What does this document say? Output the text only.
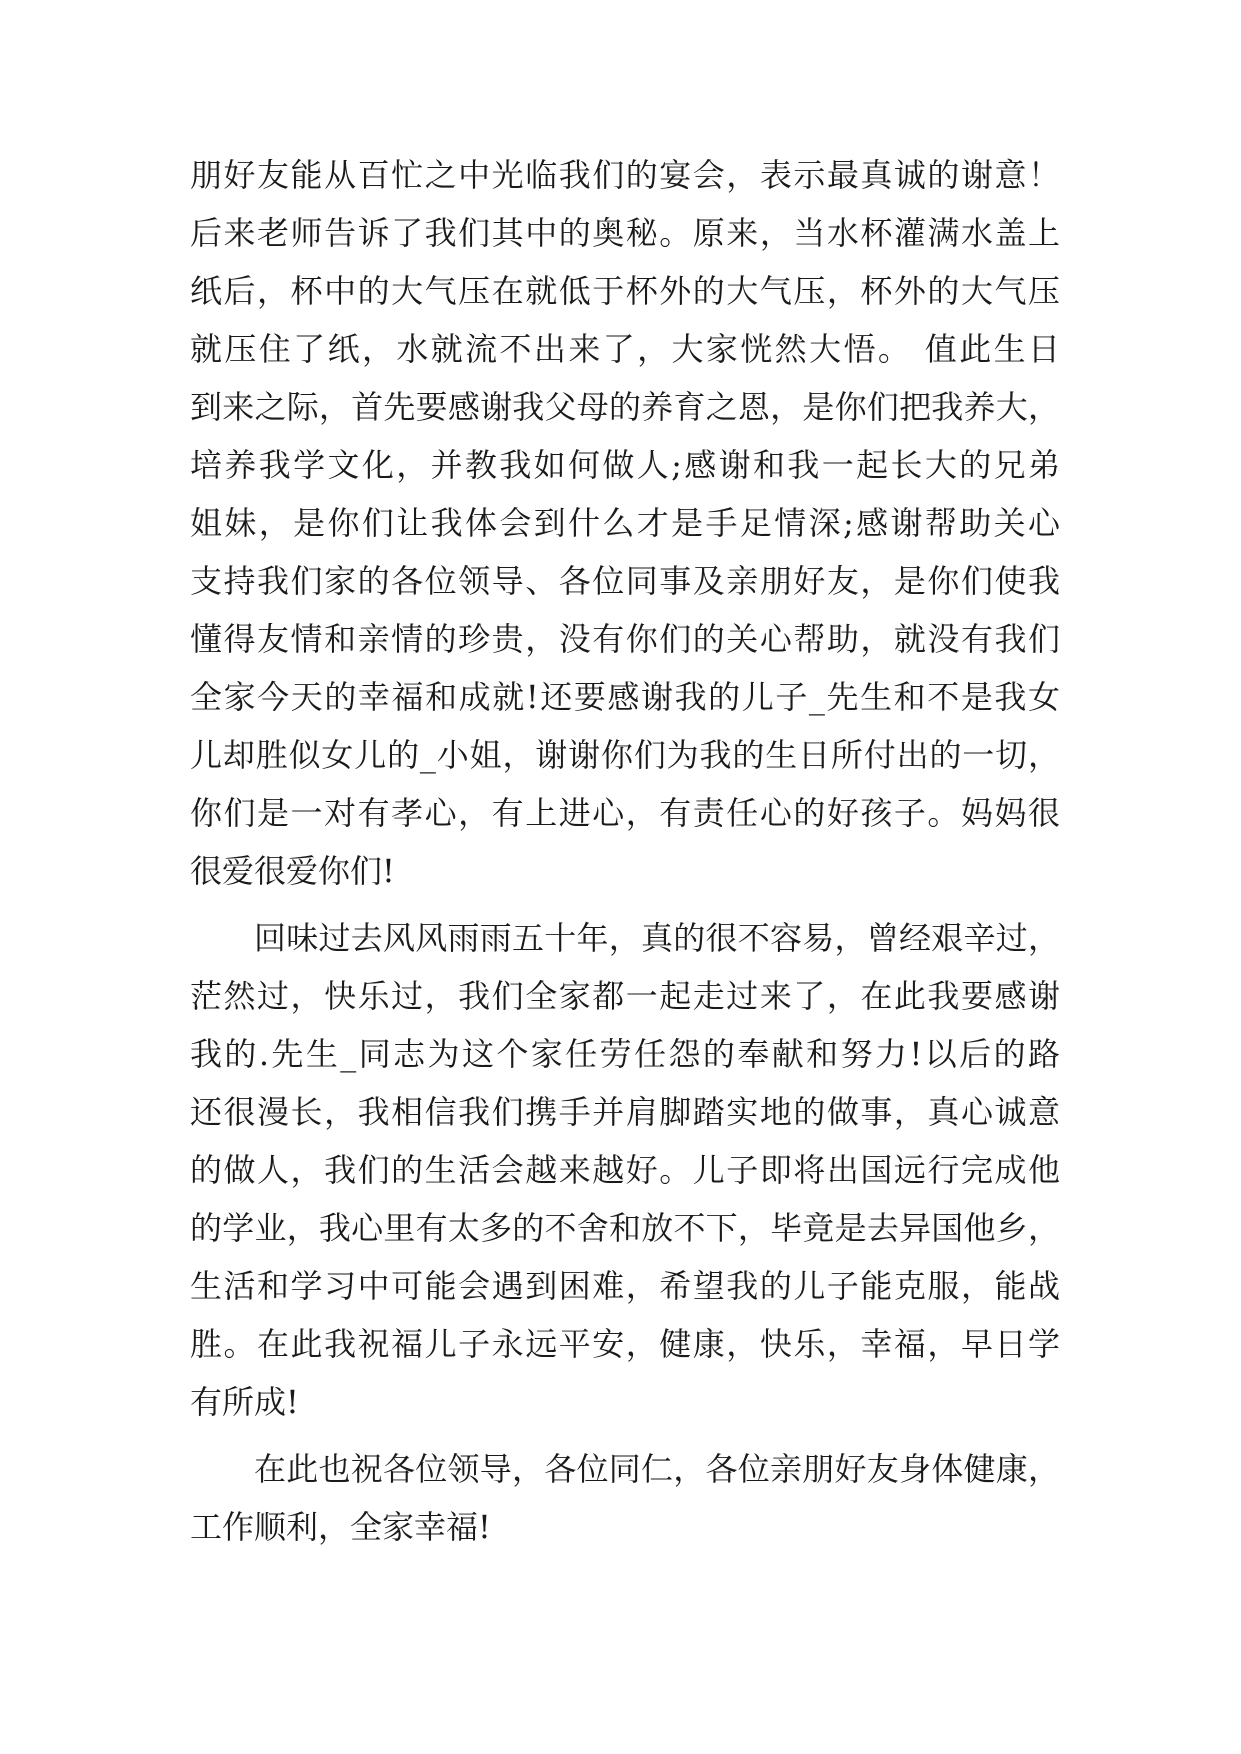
朋好友能从百忙之中光临我们的宴会，表示最真诚的谢意！
后来老师告诉了我们其中的奥秘。原来，当水杯灌满水盖上
纸后，杯中的大气压在就低于杯外的大气压，杯外的大气压
就压住了纸，水就流不出来了，大家恍然大悟。 值此生日
到来之际，首先要感谢我父母的养育之恩，是你们把我养大，
培养我学文化，并教我如何做人;感谢和我一起长大的兄弟
姐妹，是你们让我体会到什么才是手足情深;感谢帮助关心
支持我们家的各位领导、各位同事及亲朋好友，是你们使我
懂得友情和亲情的珍贵，没有你们的关心帮助，就没有我们
全家今天的幸福和成就!还要感谢我的儿子_先生和不是我女
儿却胜似女儿的_小姐，谢谢你们为我的生日所付出的一切，
你们是一对有孝心，有上进心，有责任心的好孩子。妈妈很
很爱很爱你们!
回味过去风风雨雨五十年，真的很不容易，曾经艰辛过，
茫然过，快乐过，我们全家都一起走过来了，在此我要感谢
我的.先生_同志为这个家任劳任怨的奉献和努力!以后的路
还很漫长，我相信我们携手并肩脚踏实地的做事，真心诚意
的做人，我们的生活会越来越好。儿子即将出国远行完成他
的学业，我心里有太多的不舍和放不下，毕竟是去异国他乡，
生活和学习中可能会遇到困难，希望我的儿子能克服，能战
胜。在此我祝福儿子永远平安，健康，快乐，幸福，早日学
有所成!
在此也祝各位领导，各位同仁，各位亲朋好友身体健康，
工作顺利，全家幸福!
